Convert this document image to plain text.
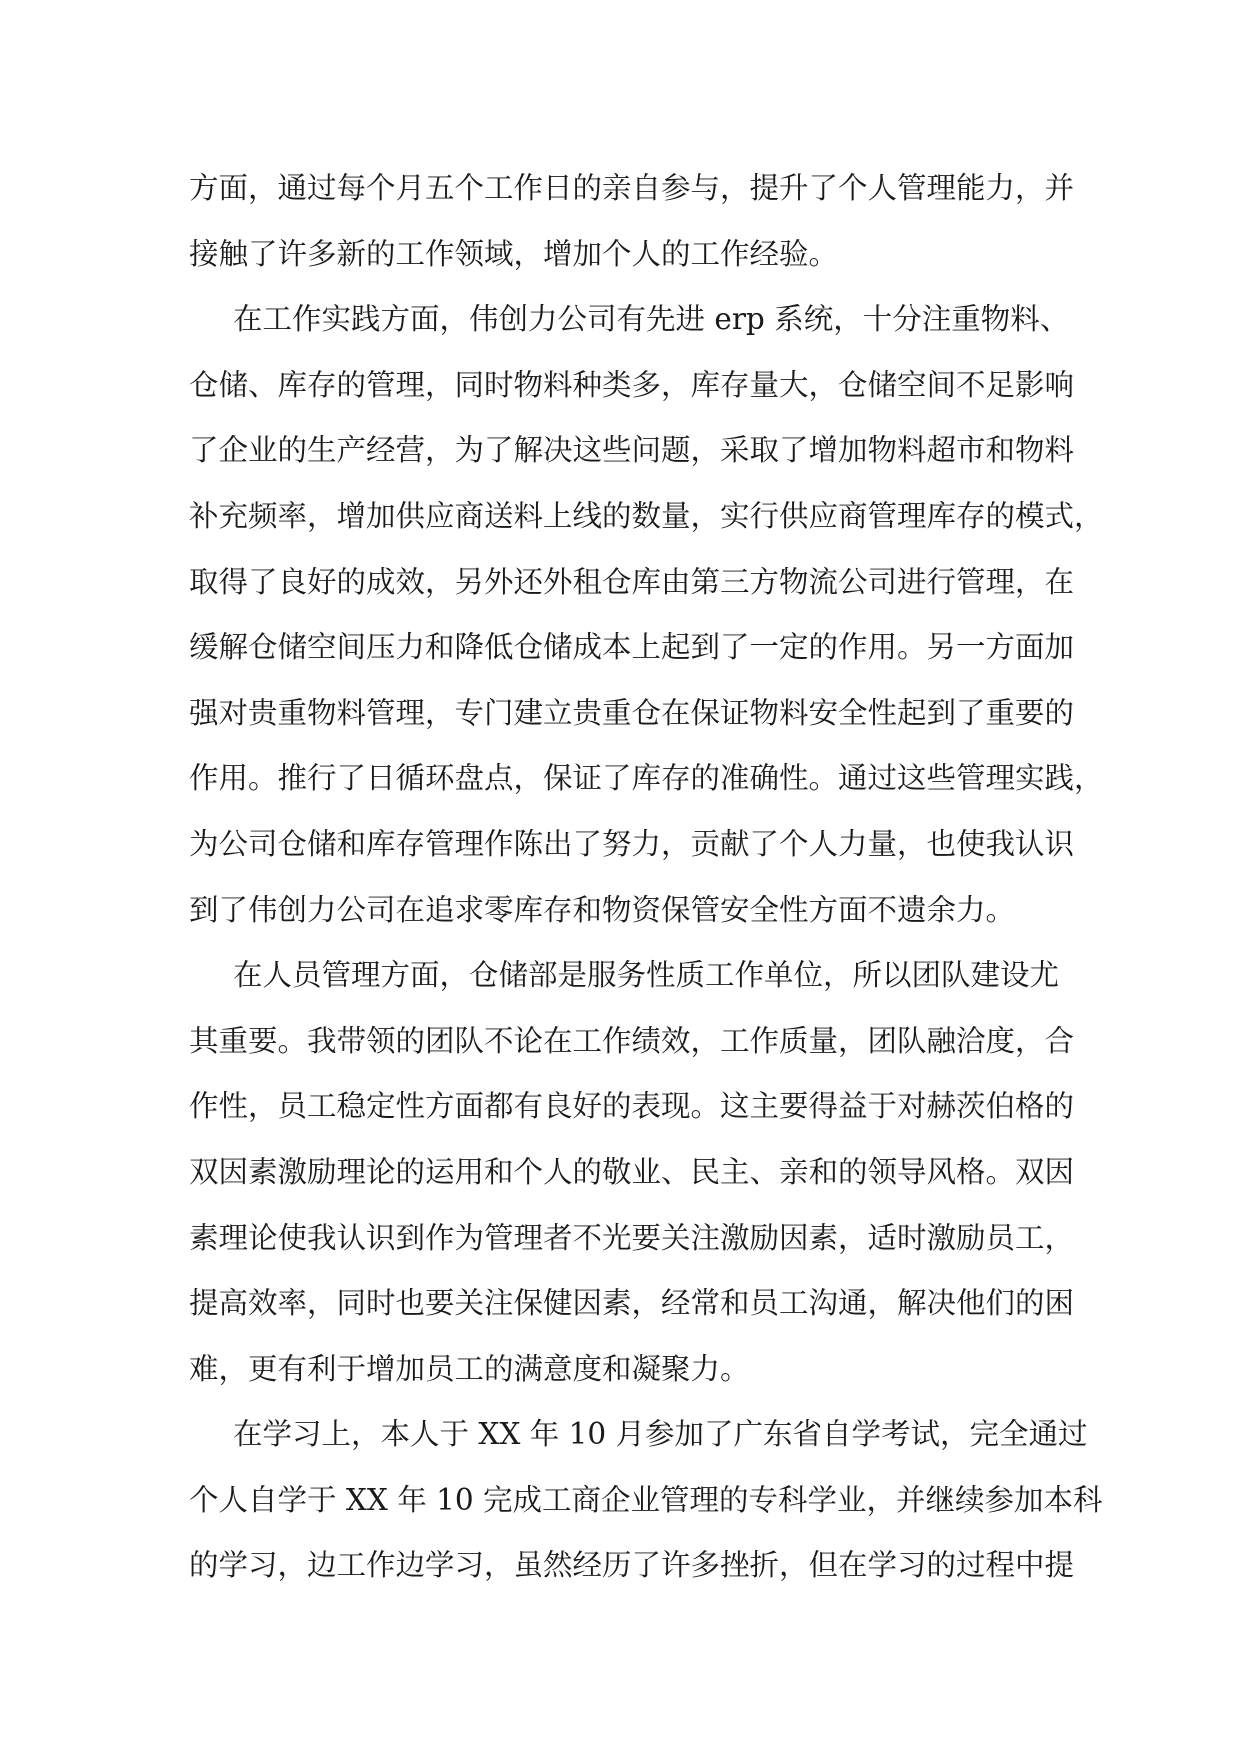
方面，通过每个月五个工作日的亲自参与，提升了个人管理能力，并
接触了许多新的工作领域，增加个人的工作经验。
在工作实践方面，伟创力公司有先进 erp 系统，十分注重物料、
仓储、库存的管理，同时物料种类多，库存量大，仓储空间不足影响
了企业的生产经营，为了解决这些问题，采取了增加物料超市和物料
补充频率，增加供应商送料上线的数量，实行供应商管理库存的模式，
取得了良好的成效，另外还外租仓库由第三方物流公司进行管理，在
缓解仓储空间压力和降低仓储成本上起到了一定的作用。另一方面加
强对贵重物料管理，专门建立贵重仓在保证物料安全性起到了重要的
作用。推行了日循环盘点，保证了库存的准确性。通过这些管理实践，
为公司仓储和库存管理作陈出了努力，贡献了个人力量，也使我认识
到了伟创力公司在追求零库存和物资保管安全性方面不遗余力。
在人员管理方面，仓储部是服务性质工作单位，所以团队建设尤
其重要。我带领的团队不论在工作绩效，工作质量，团队融洽度，合
作性，员工稳定性方面都有良好的表现。这主要得益于对赫茨伯格的
双因素激励理论的运用和个人的敬业、民主、亲和的领导风格。双因
素理论使我认识到作为管理者不光要关注激励因素，适时激励员工，
提高效率，同时也要关注保健因素，经常和员工沟通，解决他们的困
难，更有利于增加员工的满意度和凝聚力。
在学习上，本人于 XX 年 10 月参加了广东省自学考试，完全通过
个人自学于 XX 年 10 完成工商企业管理的专科学业，并继续参加本科
的学习，边工作边学习，虽然经历了许多挫折，但在学习的过程中提
